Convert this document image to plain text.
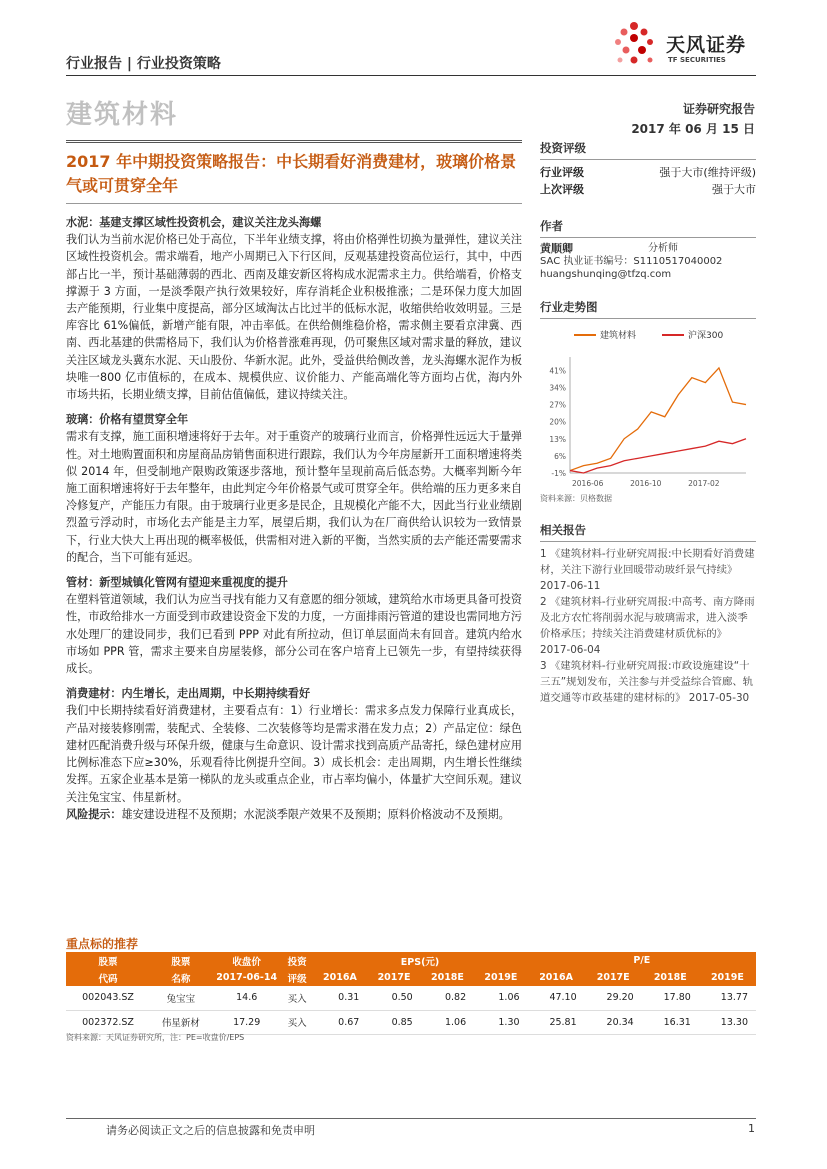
天风证券
TF SECURITIES
行业报告 | 行业投资策略
建筑材料	证券研究报告
2017 年 06 月 15 日
2017 年中期投资策略报告：中长期看好消费建材，玻璃价格景气或可贯穿全年
水泥：基建支撑区域性投资机会，建议关注龙头海螺
我们认为当前水泥价格已处于高位，下半年业绩支撑，将由价格弹性切换为量弹性，建议关注区域性投资机会。需求端看，地产小周期已入下行区间，反观基建投资高位运行，其中，中西部占比一半，预计基础薄弱的西北、西南及雄安新区将构成水泥需求主力。供给端看，价格支撑源于 3 方面，一是淡季限产执行效果较好，库存消耗企业积极推涨；二是环保力度大加固去产能预期，行业集中度提高，部分区域淘汰占比过半的低标水泥，收缩供给收效明显。三是库容比 61%偏低，新增产能有限，冲击率低。在供给侧维稳价格，需求侧主要看京津冀、西南、西北基建的供需格局下，我们认为价格普涨难再现，仍可聚焦区域对需求量的释放，建议关注区域龙头冀东水泥、天山股份、华新水泥。此外，受益供给侧改善，龙头海螺水泥作为板块唯一800 亿市值标的，在成本、规模供应、议价能力、产能高端化等方面均占优，海内外市场共拓，长期业绩支撑，目前估值偏低，建议持续关注。
玻璃：价格有望贯穿全年
需求有支撑，施工面积增速将好于去年。对于重资产的玻璃行业而言，价格弹性远远大于量弹性。对土地购置面积和房屋商品房销售面积进行跟踪，我们认为今年房屋新开工面积增速将类似 2014 年，但受制地产限购政策逐步落地，预计整年呈现前高后低态势。大概率判断今年施工面积增速将好于去年整年，由此判定今年价格景气或可贯穿全年。供给端的压力更多来自冷修复产，产能压力有限。由于玻璃行业更多是民企，且规模化产能不大，因此当行业业绩剧烈盈亏浮动时，市场化去产能是主力军，展望后期，我们认为在厂商供给认识较为一致情景下，行业大快大上再出现的概率极低，供需相对进入新的平衡，当然实质的去产能还需要需求的配合，当下可能有延迟。
管材：新型城镇化管网有望迎来重视度的提升
在塑料管道领域，我们认为应当寻找有能力又有意愿的细分领域，建筑给水市场更具备可投资性，市政给排水一方面受到市政建设资金下发的力度，一方面排雨污管道的建设也需同地方污水处理厂的建设同步，我们已看到 PPP 对此有所拉动，但订单层面尚未有回音。建筑内给水市场如 PPR 管，需求主要来自房屋装修，部分公司在客户培育上已领先一步，有望持续获得成长。
消费建材：内生增长，走出周期，中长期持续看好
我们中长期持续看好消费建材，主要看点有：1）行业增长：需求多点发力保障行业真成长，产品对接装修刚需，装配式、全装修、二次装修等均是需求潜在发力点；2）产品定位：绿色建材匹配消费升级与环保升级，健康与生命意识、设计需求找到高质产品寄托，绿色建材应用比例标准态下应≥30%，乐观看待比例提升空间。3）成长机会：走出周期，内生增长性继续发挥。五家企业基本是第一梯队的龙头或重点企业，市占率均偏小，体量扩大空间乐观。建议关注兔宝宝、伟星新材。
风险提示：雄安建设进程不及预期；水泥淡季限产效果不及预期；原料价格波动不及预期。
投资评级
行业评级	强于大市(维持评级)
上次评级	强于大市
作者
黄顺卿	分析师
SAC 执业证书编号：S1110517040002
huangshunqing@tfzq.com
行业走势图
建筑材料	沪深300
41%
34%
27%
20%
13%
6%
-1%
2016-06	2016-10	2017-02
资料来源：贝格数据
相关报告
1 《建筑材料-行业研究周报:中长期看好消费建材，关注下游行业回暖带动玻纤景气持续》 2017-06-11
2 《建筑材料-行业研究周报:中高考、南方降雨及北方农忙将削弱水泥与玻璃需求，进入淡季价格承压；持续关注消费建材质优标的》 2017-06-04
3 《建筑材料-行业研究周报:市政设施建设“十三五”规划发布，关注参与并受益综合管廊、轨道交通等市政基建的建材标的》 2017-05-30
重点标的推荐
股票	股票	收盘价	投资	EPS(元)				P/E			
代码	名称	2017-06-14	评级	2016A	2017E	2018E	2019E	2016A	2017E	2018E	2019E
002043.SZ	兔宝宝	14.6	买入	0.31	0.50	0.82	1.06	47.10	29.20	17.80	13.77
002372.SZ	伟星新材	17.29	买入	0.67	0.85	1.06	1.30	25.81	20.34	16.31	13.30
资料来源：天风证券研究所，注：PE=收盘价/EPS
请务必阅读正文之后的信息披露和免责申明	1
